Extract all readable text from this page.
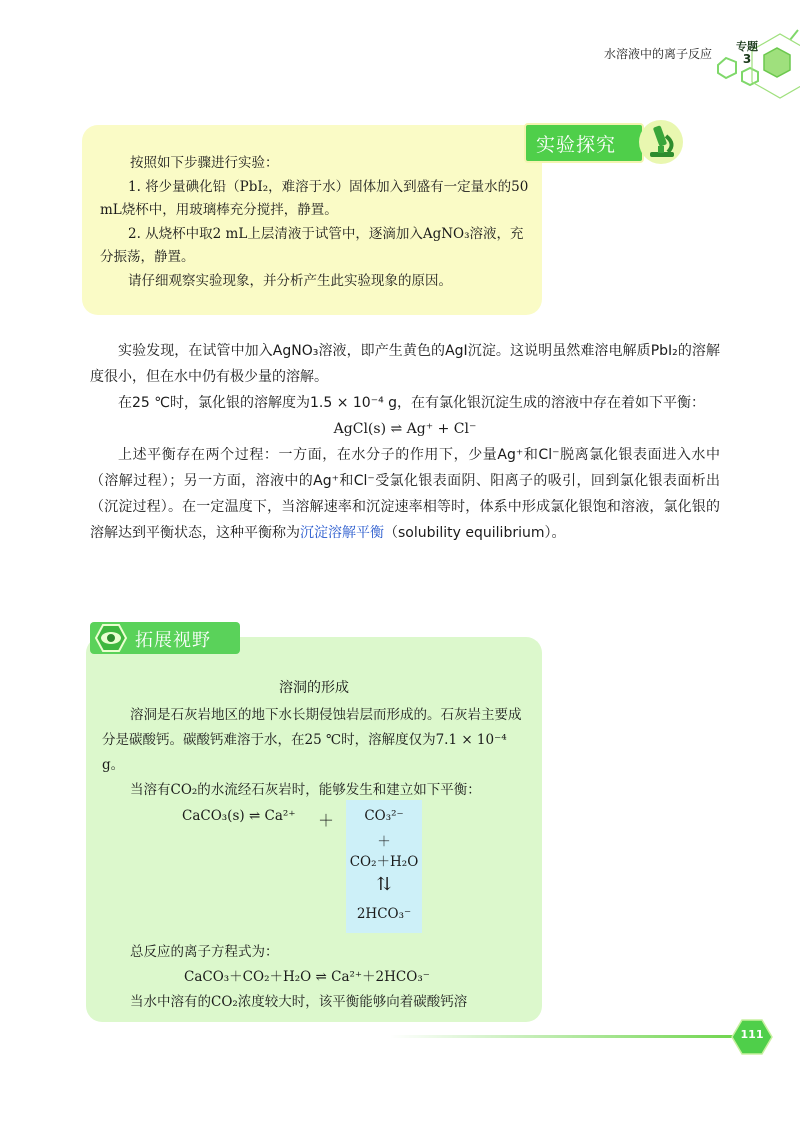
水溶液中的离子反应
专题
3
实验探究

按照如下步骤进行实验：

1. 将少量碘化铅（PbI₂，难溶于水）固体加入到盛有一定量水的50 mL烧杯中，用玻璃棒充分搅拌，静置。

2. 从烧杯中取2 mL上层清液于试管中，逐滴加入AgNO₃溶液，充分振荡，静置。

请仔细观察实验现象，并分析产生此实验现象的原因。

实验发现，在试管中加入AgNO₃溶液，即产生黄色的AgI沉淀。这说明虽然难溶电解质PbI₂的溶解度很小，但在水中仍有极少量的溶解。

在25 ℃时，氯化银的溶解度为1.5 × 10⁻⁴ g，在有氯化银沉淀生成的溶液中存在着如下平衡：

AgCl(s) ⇌ Ag⁺ + Cl⁻

上述平衡存在两个过程：一方面，在水分子的作用下，少量Ag⁺和Cl⁻脱离氯化银表面进入水中（溶解过程）；另一方面，溶液中的Ag⁺和Cl⁻受氯化银表面阴、阳离子的吸引，回到氯化银表面析出（沉淀过程）。在一定温度下，当溶解速率和沉淀速率相等时，体系中形成氯化银饱和溶液，氯化银的溶解达到平衡状态，这种平衡称为沉淀溶解平衡（solubility equilibrium）。

拓展视野
溶洞的形成

溶洞是石灰岩地区的地下水长期侵蚀岩层而形成的。石灰岩主要成分是碳酸钙。碳酸钙难溶于水，在25 ℃时，溶解度仅为7.1 × 10⁻⁴ g。

当溶有CO₂的水流经石灰岩时，能够发生和建立如下平衡：

CaCO₃(s) ⇌ Ca²⁺ ＋	CO₃²⁻
＋
CO₂＋H₂O
⇅
2HCO₃⁻

总反应的离子方程式为：

CaCO₃＋CO₂＋H₂O ⇌ Ca²⁺＋2HCO₃⁻

当水中溶有的CO₂浓度较大时，该平衡能够向着碳酸钙溶

111
